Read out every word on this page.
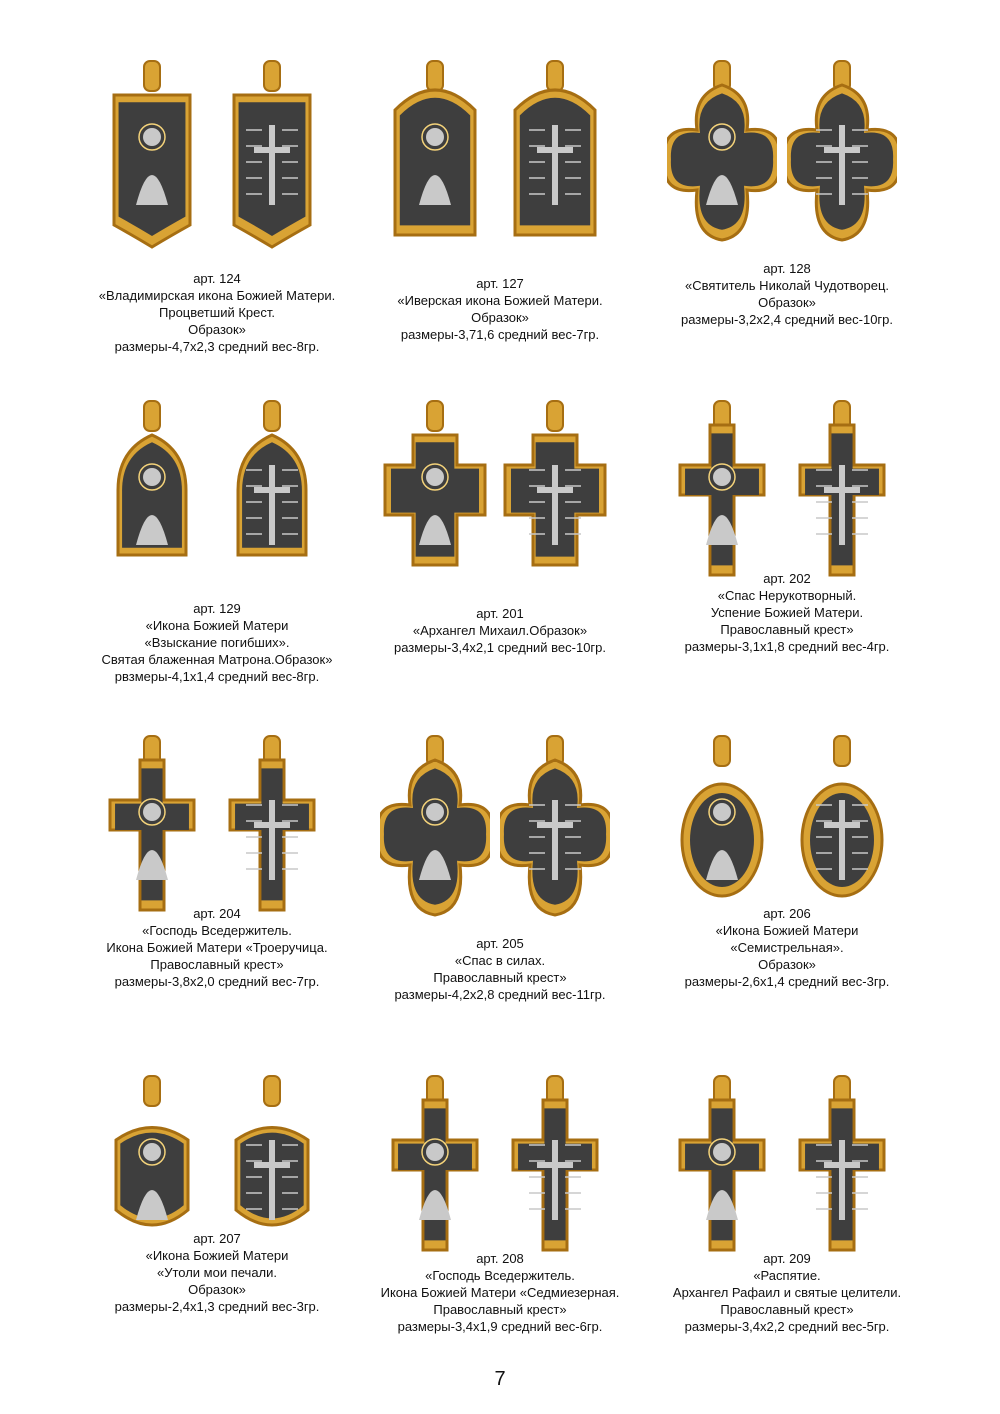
арт. 124
«Владимирская икона Божией Матери.
Процветший Крест.
Образок»
размеры-4,7х2,3 средний вес-8гр.
арт. 127
«Иверская икона Божией Матери.
Образок»
размеры-3,71,6 средний вес-7гр.
арт. 128
«Святитель Николай Чудотворец.
Образок»
размеры-3,2х2,4 средний вес-10гр.
арт. 129
«Икона Божией Матери
«Взыскание погибших».
Святая блаженная Матрона.Образок»
рвзмеры-4,1х1,4 средний вес-8гр.
арт. 201
«Архангел Михаил.Образок»
размеры-3,4х2,1 средний вес-10гр.
арт. 202
«Спас Нерукотворный.
Успение Божией Матери.
Православный крест»
размеры-3,1х1,8 средний вес-4гр.
арт. 204
«Господь Вседержитель.
Икона Божией Матери «Троеручица.
Православный крест»
размеры-3,8х2,0 средний вес-7гр.
арт. 205
«Спас в силах.
Православный крест»
размеры-4,2х2,8 средний вес-11гр.
арт. 206
«Икона Божией Матери
«Семистрельная».
Образок»
размеры-2,6х1,4 средний вес-3гр.
арт. 207
«Икона Божией Матери
«Утоли мои печали.
Образок»
размеры-2,4х1,3 средний вес-3гр.
арт. 208
«Господь Вседержитель.
Икона Божией Матери «Седмиезерная.
Православный крест»
размеры-3,4х1,9 средний вес-6гр.
арт. 209
«Распятие.
Архангел Рафаил и святые целители.
Православный крест»
размеры-3,4х2,2 средний вес-5гр.
7
